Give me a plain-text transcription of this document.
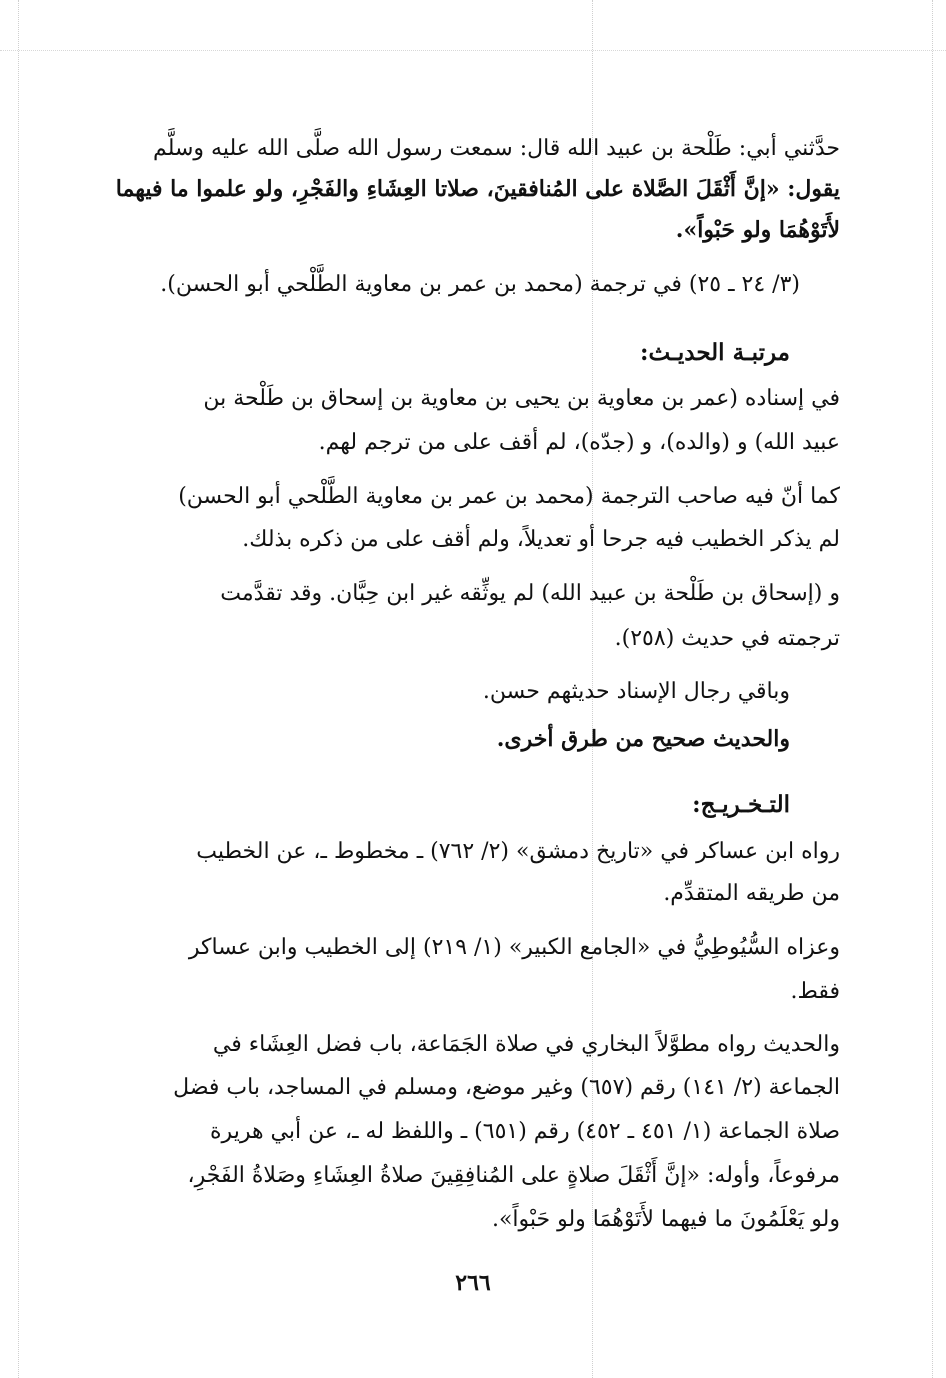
حدَّثني أبي: طَلْحة بن عبيد الله قال: سمعت رسول الله صلَّى الله عليه وسلَّم
يقول: «إنَّ أَثْقَلَ الصَّلاة على المُنافقينَ، صلاتا العِشَاءِ والفَجْرِ، ولو علموا ما فيهما
لأَتَوْهُمَا ولو حَبْواً».
(٣/ ٢٤ ـ ٢٥) في ترجمة (محمد بن عمر بن معاوية الطَّلْحي أبو الحسن).
مرتبـة الحديـث:
في إسناده (عمر بن معاوية بن يحيى بن معاوية بن إسحاق بن طَلْحة بن
عبيد الله) و (والده)، و (جدّه)، لم أقف على من ترجم لهم.
كما أنّ فيه صاحب الترجمة (محمد بن عمر بن معاوية الطَّلْحي أبو الحسن)
لم يذكر الخطيب فيه جرحا أو تعديلاً، ولم أقف على من ذكره بذلك.
و (إسحاق بن طَلْحة بن عبيد الله) لم يوثِّقه غير ابن حِبَّان. وقد تقدَّمت
ترجمته في حديث (٢٥٨).
وباقي رجال الإسناد حديثهم حسن.
والحديث صحيح من طرق أخرى.
التـخـريـج:
رواه ابن عساكر في «تاريخ دمشق» (٢/ ٧٦٢) ـ مخطوط ـ، عن الخطيب
من طريقه المتقدِّم.
وعزاه السُّيُوطِيُّ في «الجامع الكبير» (١/ ٢١٩) إلى الخطيب وابن عساكر
فقط.
والحديث رواه مطوَّلاً البخاري في صلاة الجَمَاعة، باب فضل العِشَاء في
الجماعة (٢/ ١٤١) رقم (٦٥٧) وغير موضع، ومسلم في المساجد، باب فضل
صلاة الجماعة (١/ ٤٥١ ـ ٤٥٢) رقم (٦٥١) ـ واللفظ له ـ، عن أبي هريرة
مرفوعاً، وأوله: «إنَّ أَثْقَلَ صلاةٍ على المُنافِقِينَ صلاةُ العِشَاءِ وصَلاةُ الفَجْرِ،
ولو يَعْلَمُونَ ما فيهما لأَتَوْهُمَا ولو حَبْواً».
٢٦٦
